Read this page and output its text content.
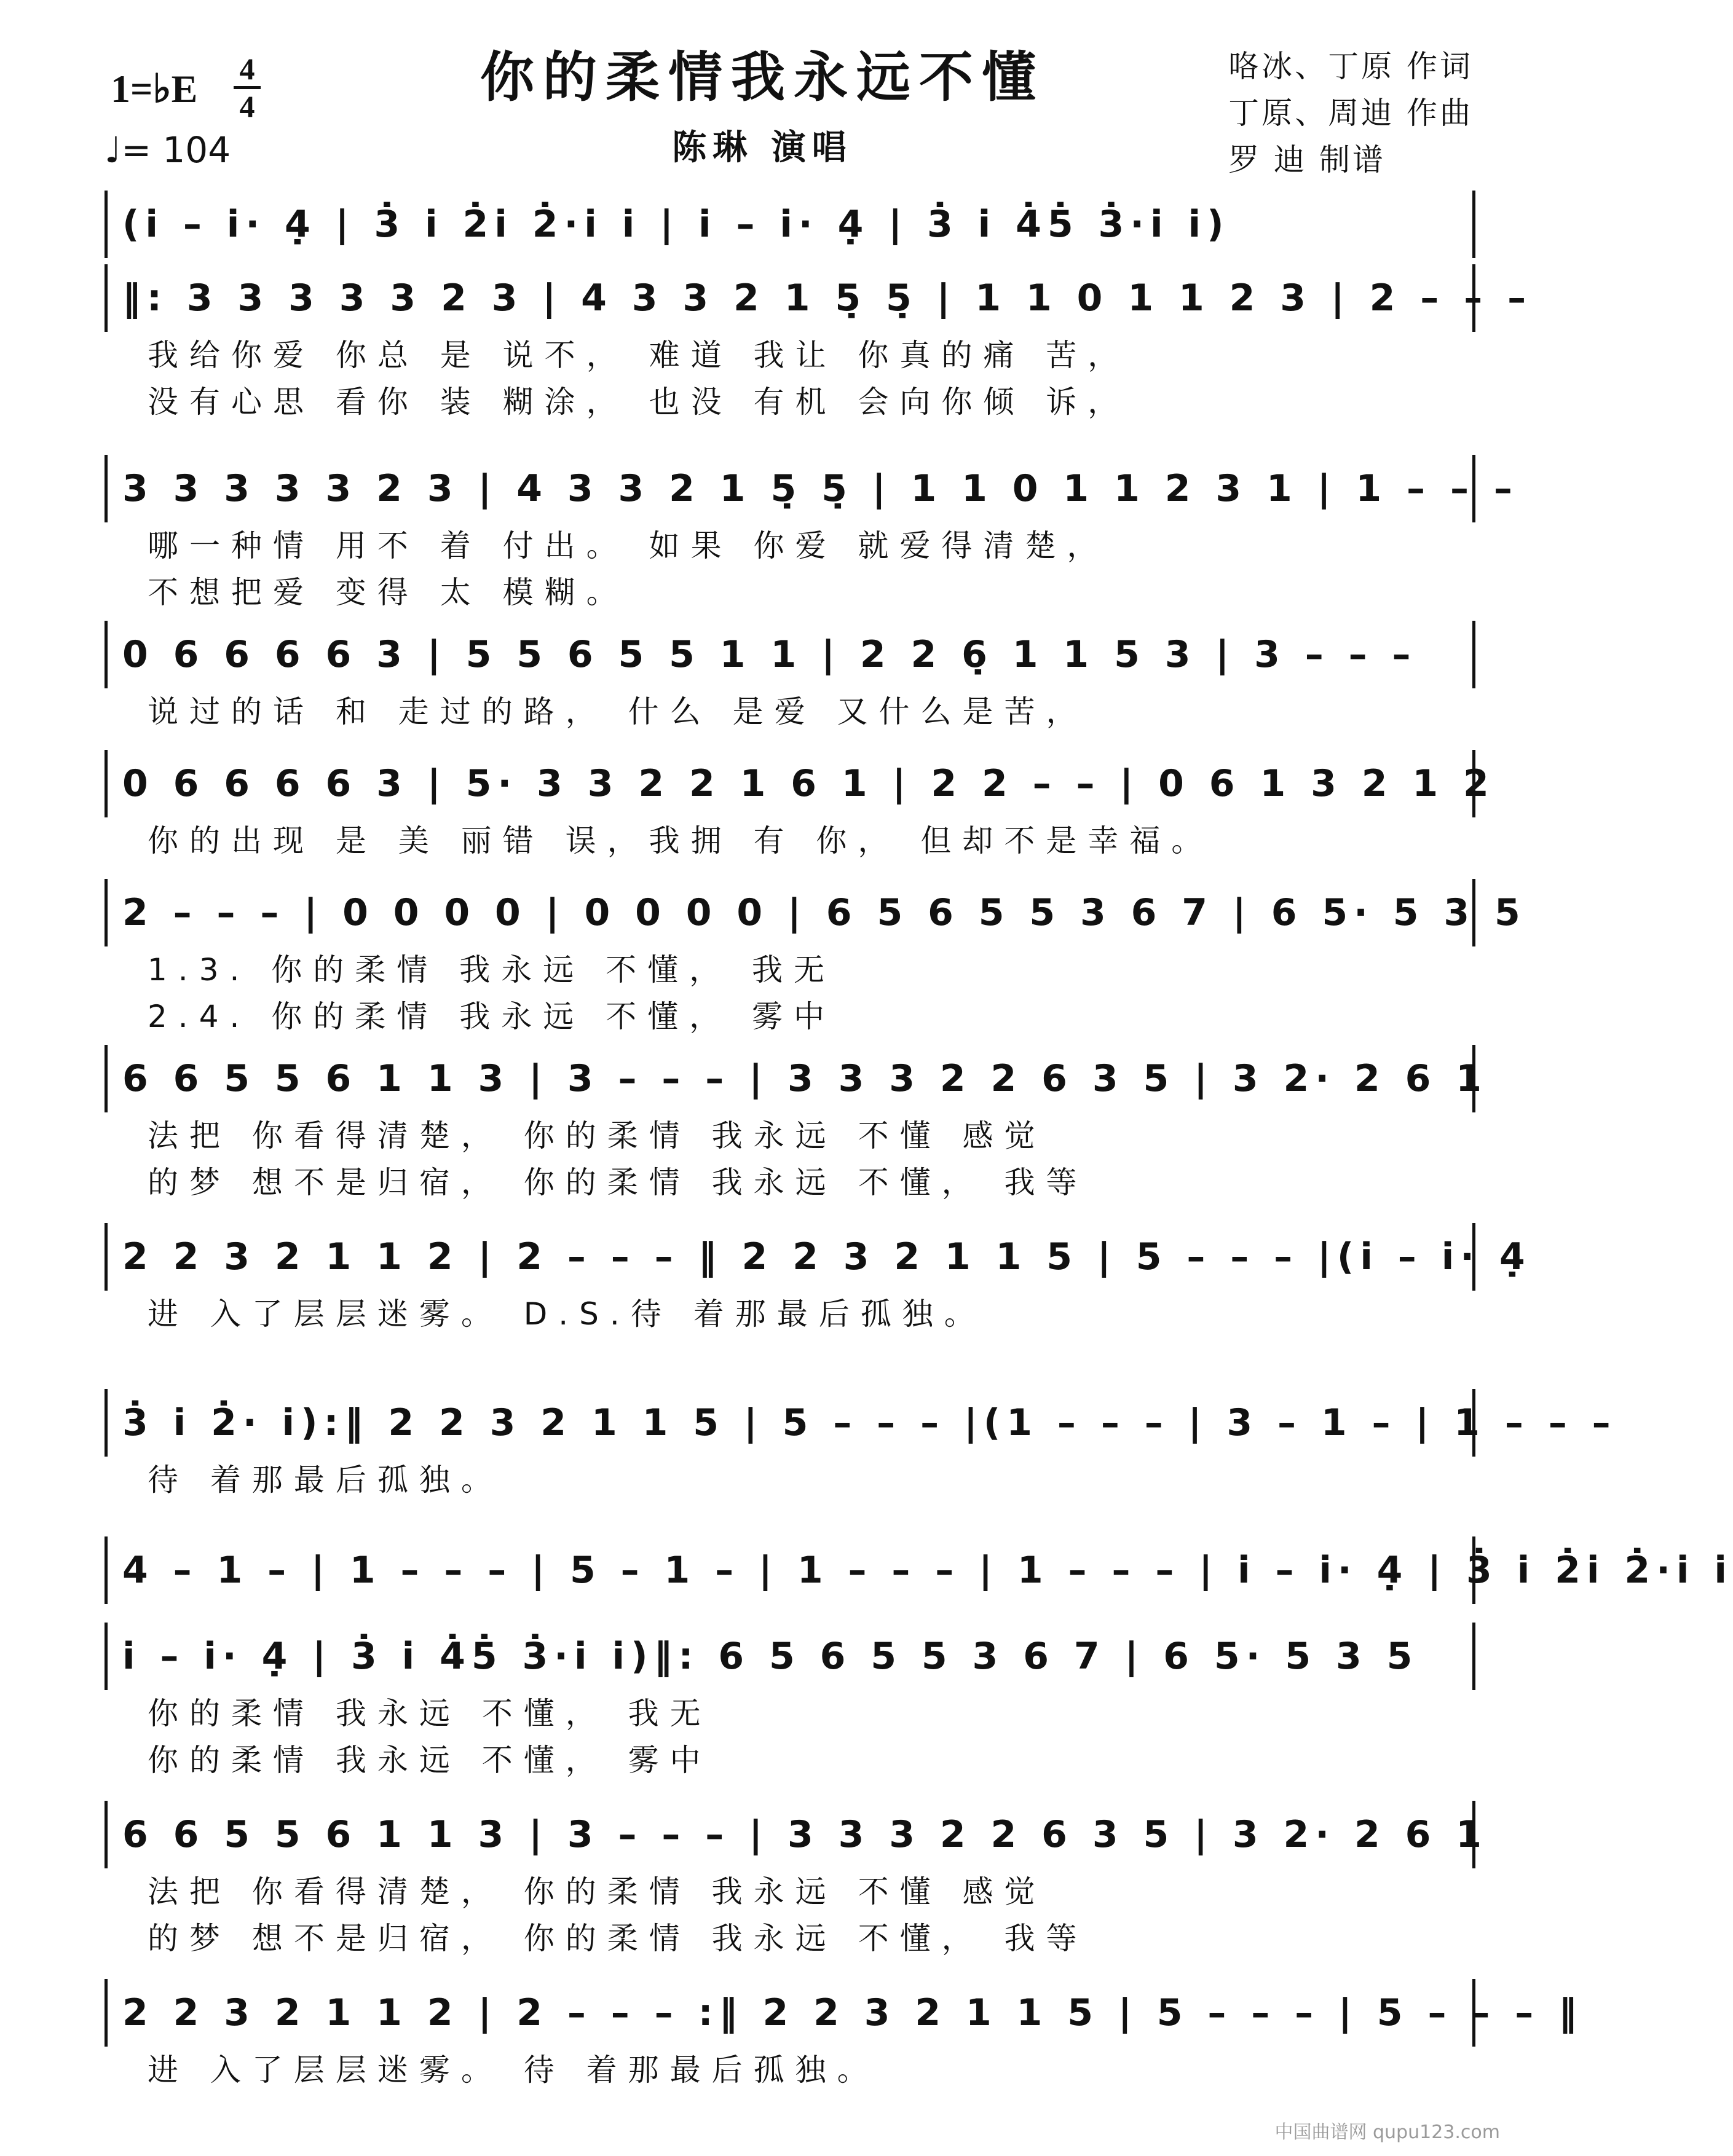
你的柔情我永远不懂
陈琳 演唱
1=♭E 4
4
♩= 104
咯冰、丁原 作词
丁原、周迪 作曲
罗 迪 制谱
(i̇ – i̇· 4̣ | 3̇ i̇ 2̇i̇ 2̇·i̇ i̇ | i̇ – i̇· 4̣ | 3̇ i̇ 4̇5̇ 3̇·i̇ i̇)
‖: 3 3 3 3 3 2 3 | 4 3 3 2 1 5̣ 5̣ | 1 1 0 1 1 2 3 | 2 – – –
我给你爱 你总 是 说不， 难道 我让 你真的痛 苦，
没有心思 看你 装 糊涂， 也没 有机 会向你倾 诉，
3 3 3 3 3 2 3 | 4 3 3 2 1 5̣ 5̣ | 1 1 0 1 1 2 3 1 | 1 – – –
哪一种情 用不 着 付出。 如果 你爱 就爱得清楚，
不想把爱 变得 太 模糊。
0 6 6 6 6 3 | 5 5 6 5 5 1 1 | 2 2 6̣ 1 1 5 3 | 3 – – –
说过的话 和 走过的路， 什么 是爱 又什么是苦，
0 6 6 6 6 3 | 5· 3 3 2 2 1 6 1 | 2 2 – – | 0 6 1 3 2 1 2
你的出现 是 美 丽错 误，我拥 有 你， 但却不是幸福。
2 – – – | 0 0 0 0 | 0 0 0 0 | 6 5 6 5 5 3 6 7 | 6 5· 5 3 5
1.3. 你的柔情 我永远 不懂， 我无
2.4. 你的柔情 我永远 不懂， 雾中
6 6 5 5 6 1 1 3 | 3 – – – | 3 3 3 2 2 6 3 5 | 3 2· 2 6 1
法把 你看得清楚， 你的柔情 我永远 不懂 感觉
的梦 想不是归宿， 你的柔情 我永远 不懂， 我等
2 2 3 2 1 1 2 | 2 – – – ‖ 2 2 3 2 1 1 5 | 5 – – – |(i̇ – i̇· 4̣
进 入了层层迷雾。 D.S.待 着那最后孤独。
3̇ i̇ 2̇· i̇):‖ 2 2 3 2 1 1 5 | 5 – – – |(1 – – – | 3 – 1 – | 1 – – –
待 着那最后孤独。
4 – 1 – | 1 – – – | 5 – 1 – | 1 – – – | 1 – – – | i̇ – i̇· 4̣ | 3̇ i̇ 2̇i̇ 2̇·i̇ i̇
i̇ – i̇· 4̣ | 3̇ i̇ 4̇5̇ 3̇·i̇ i̇)‖: 6 5 6 5 5 3 6 7 | 6 5· 5 3 5
你的柔情 我永远 不懂， 我无
你的柔情 我永远 不懂， 雾中
6 6 5 5 6 1 1 3 | 3 – – – | 3 3 3 2 2 6 3 5 | 3 2· 2 6 1
法把 你看得清楚， 你的柔情 我永远 不懂 感觉
的梦 想不是归宿， 你的柔情 我永远 不懂， 我等
2 2 3 2 1 1 2 | 2 – – – :‖ 2 2 3 2 1 1 5 | 5 – – – | 5 – – – ‖
进 入了层层迷雾。 待 着那最后孤独。
中国曲谱网 qupu123.com
